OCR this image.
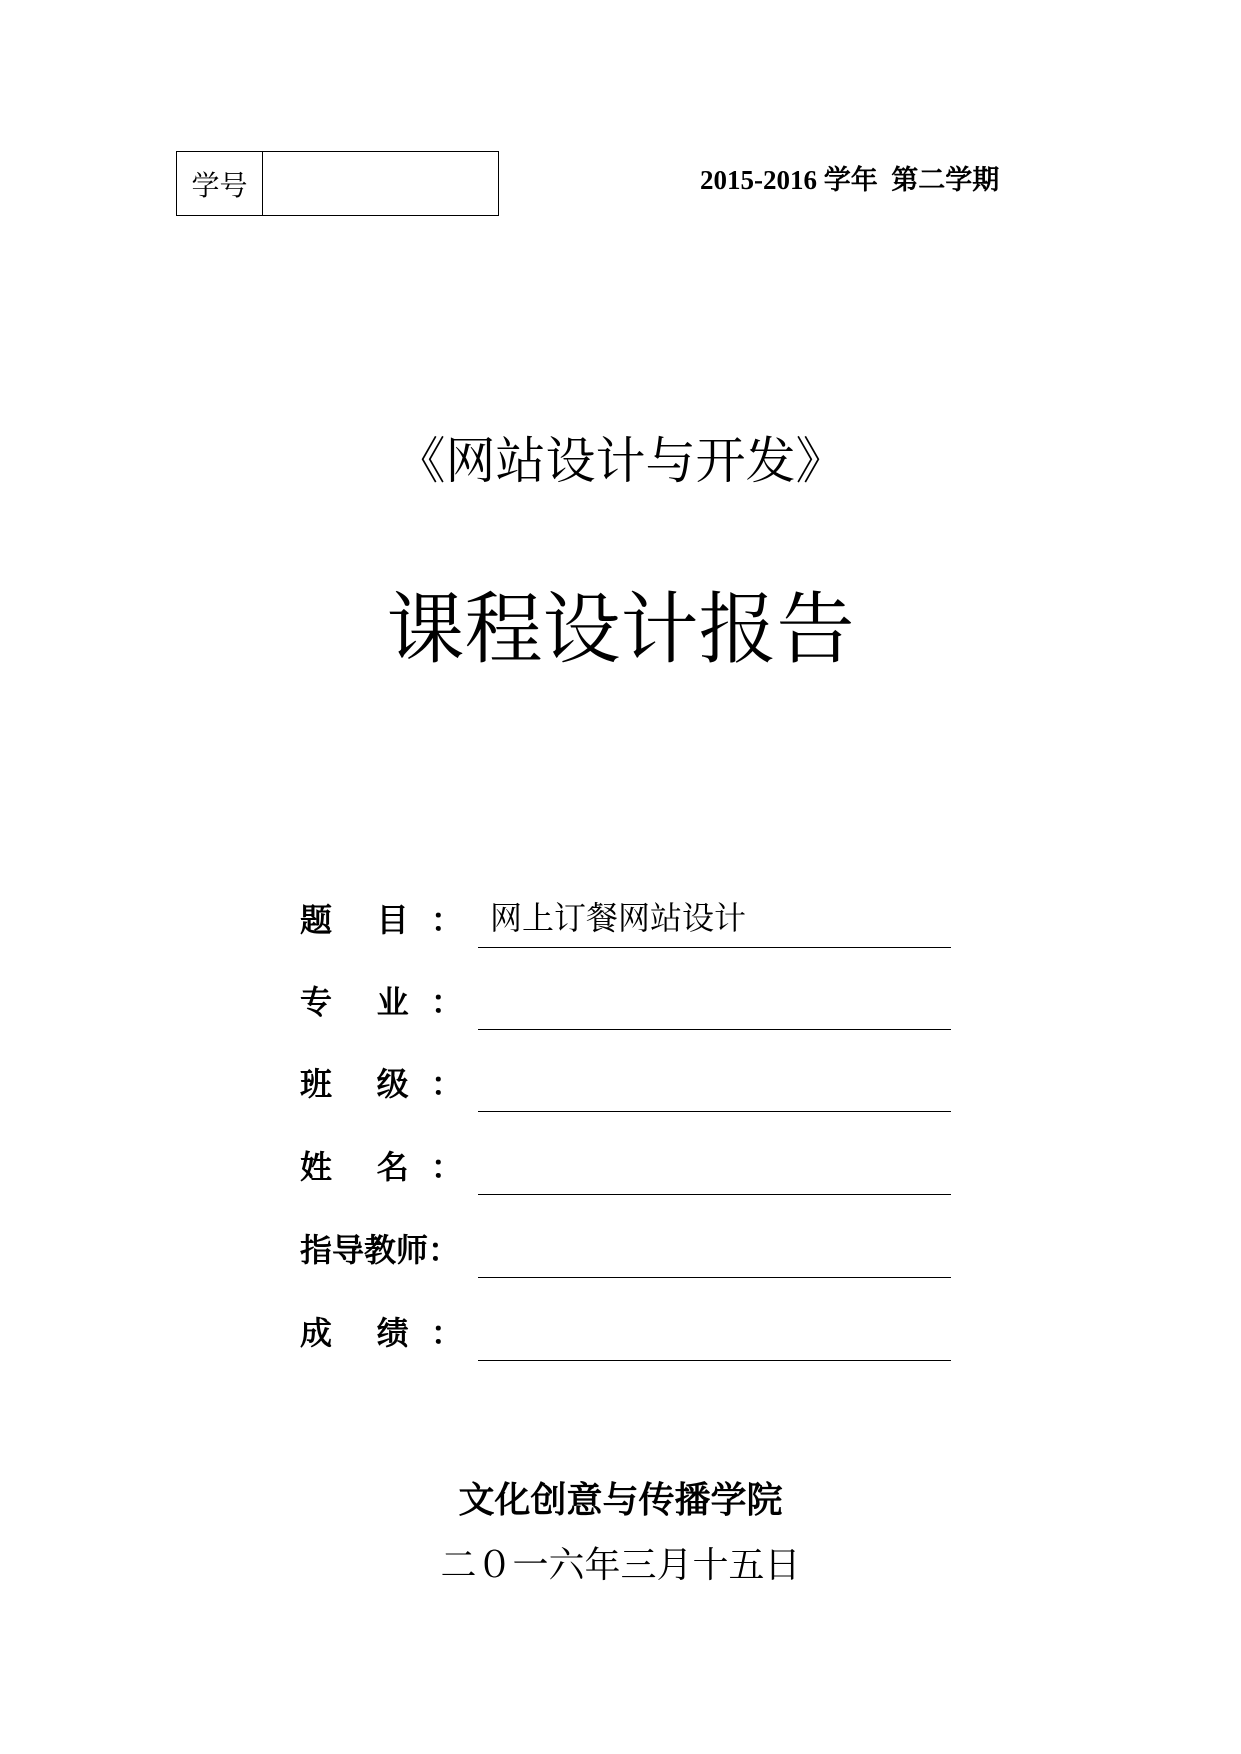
学号	2015-2016 学年  第二学期
《网站设计与开发》
课程设计报告
题    目  ： 网上订餐网站设计
专    业  ：
班    级  ：
姓    名  ：
指导教师：
成    绩  ：
文化创意与传播学院
二０一六年三月十五日
